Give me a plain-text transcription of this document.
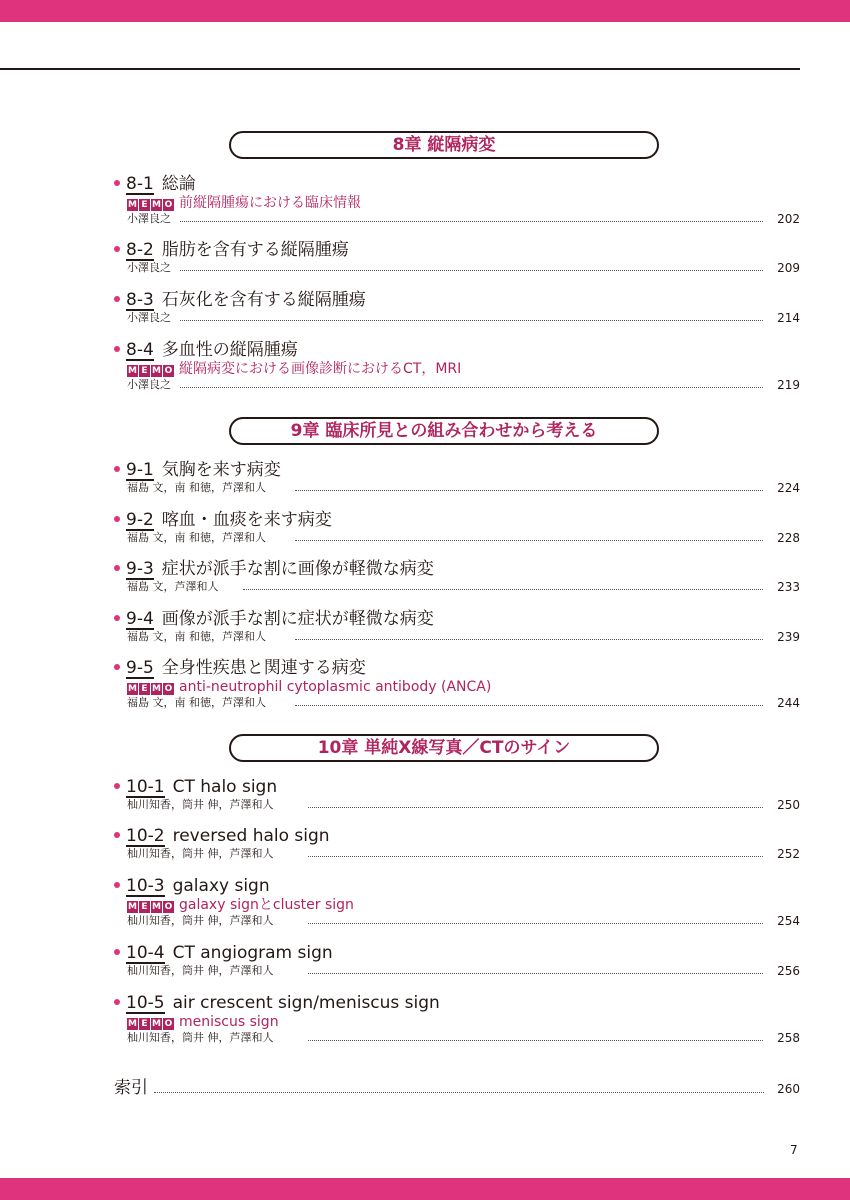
8章 縦隔病変
8-1 総論
M E M O 前縦隔腫瘍における臨床情報
小澤良之	202
8-2 脂肪を含有する縦隔腫瘍
小澤良之	209
8-3 石灰化を含有する縦隔腫瘍
小澤良之	214
8-4 多血性の縦隔腫瘍
M E M O 縦隔病変における画像診断におけるCT，MRI
小澤良之	219
9章 臨床所見との組み合わせから考える
9-1 気胸を来す病変
福島 文，南 和徳，芦澤和人	224
9-2 喀血・血痰を来す病変
福島 文，南 和徳，芦澤和人	228
9-3 症状が派手な割に画像が軽微な病変
福島 文，芦澤和人	233
9-4 画像が派手な割に症状が軽微な病変
福島 文，南 和徳，芦澤和人	239
9-5 全身性疾患と関連する病変
M E M O anti-neutrophil cytoplasmic antibody (ANCA)
福島 文，南 和徳，芦澤和人	244
10章 単純X線写真／CTのサイン
10-1 CT halo sign
杣川知香，筒井 伸，芦澤和人	250
10-2 reversed halo sign
杣川知香，筒井 伸，芦澤和人	252
10-3 galaxy sign
M E M O galaxy signとcluster sign
杣川知香，筒井 伸，芦澤和人	254
10-4 CT angiogram sign
杣川知香，筒井 伸，芦澤和人	256
10-5 air crescent sign/meniscus sign
M E M O meniscus sign
杣川知香，筒井 伸，芦澤和人	258
索引	260
7
